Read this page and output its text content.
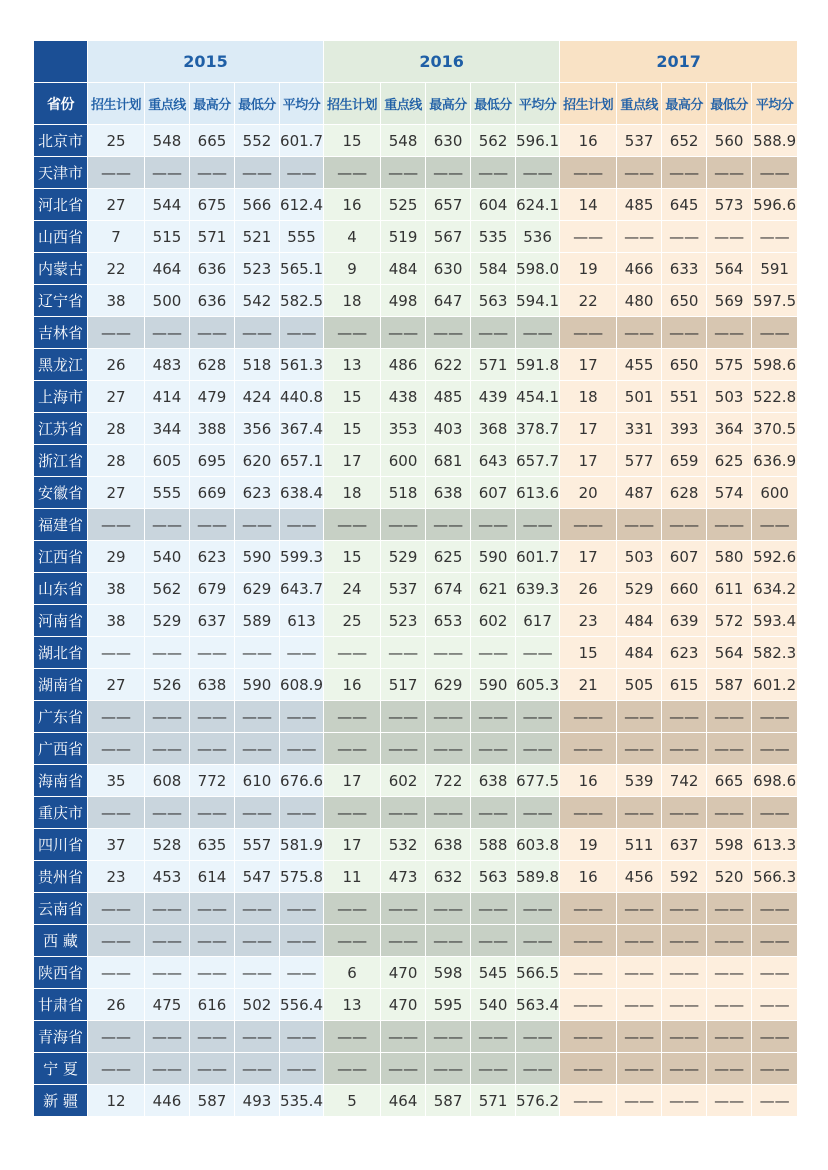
	2015					2016					2017				
省份	招生计划	重点线	最高分	最低分	平均分	招生计划	重点线	最高分	最低分	平均分	招生计划	重点线	最高分	最低分	平均分
北京市	25	548	665	552	601.7	15	548	630	562	596.1	16	537	652	560	588.9
天津市	——	——	——	——	——	——	——	——	——	——	——	——	——	——	——
河北省	27	544	675	566	612.4	16	525	657	604	624.1	14	485	645	573	596.6
山西省	7	515	571	521	555	4	519	567	535	536	——	——	——	——	——
内蒙古	22	464	636	523	565.1	9	484	630	584	598.0	19	466	633	564	591
辽宁省	38	500	636	542	582.5	18	498	647	563	594.1	22	480	650	569	597.5
吉林省	——	——	——	——	——	——	——	——	——	——	——	——	——	——	——
黑龙江	26	483	628	518	561.3	13	486	622	571	591.8	17	455	650	575	598.6
上海市	27	414	479	424	440.8	15	438	485	439	454.1	18	501	551	503	522.8
江苏省	28	344	388	356	367.4	15	353	403	368	378.7	17	331	393	364	370.5
浙江省	28	605	695	620	657.1	17	600	681	643	657.7	17	577	659	625	636.9
安徽省	27	555	669	623	638.4	18	518	638	607	613.6	20	487	628	574	600
福建省	——	——	——	——	——	——	——	——	——	——	——	——	——	——	——
江西省	29	540	623	590	599.3	15	529	625	590	601.7	17	503	607	580	592.6
山东省	38	562	679	629	643.7	24	537	674	621	639.3	26	529	660	611	634.2
河南省	38	529	637	589	613	25	523	653	602	617	23	484	639	572	593.4
湖北省	——	——	——	——	——	——	——	——	——	——	15	484	623	564	582.3
湖南省	27	526	638	590	608.9	16	517	629	590	605.3	21	505	615	587	601.2
广东省	——	——	——	——	——	——	——	——	——	——	——	——	——	——	——
广西省	——	——	——	——	——	——	——	——	——	——	——	——	——	——	——
海南省	35	608	772	610	676.6	17	602	722	638	677.5	16	539	742	665	698.6
重庆市	——	——	——	——	——	——	——	——	——	——	——	——	——	——	——
四川省	37	528	635	557	581.9	17	532	638	588	603.8	19	511	637	598	613.3
贵州省	23	453	614	547	575.8	11	473	632	563	589.8	16	456	592	520	566.3
云南省	——	——	——	——	——	——	——	——	——	——	——	——	——	——	——
西 藏	——	——	——	——	——	——	——	——	——	——	——	——	——	——	——
陕西省	——	——	——	——	——	6	470	598	545	566.5	——	——	——	——	——
甘肃省	26	475	616	502	556.4	13	470	595	540	563.4	——	——	——	——	——
青海省	——	——	——	——	——	——	——	——	——	——	——	——	——	——	——
宁 夏	——	——	——	——	——	——	——	——	——	——	——	——	——	——	——
新 疆	12	446	587	493	535.4	5	464	587	571	576.2	——	——	——	——	——
